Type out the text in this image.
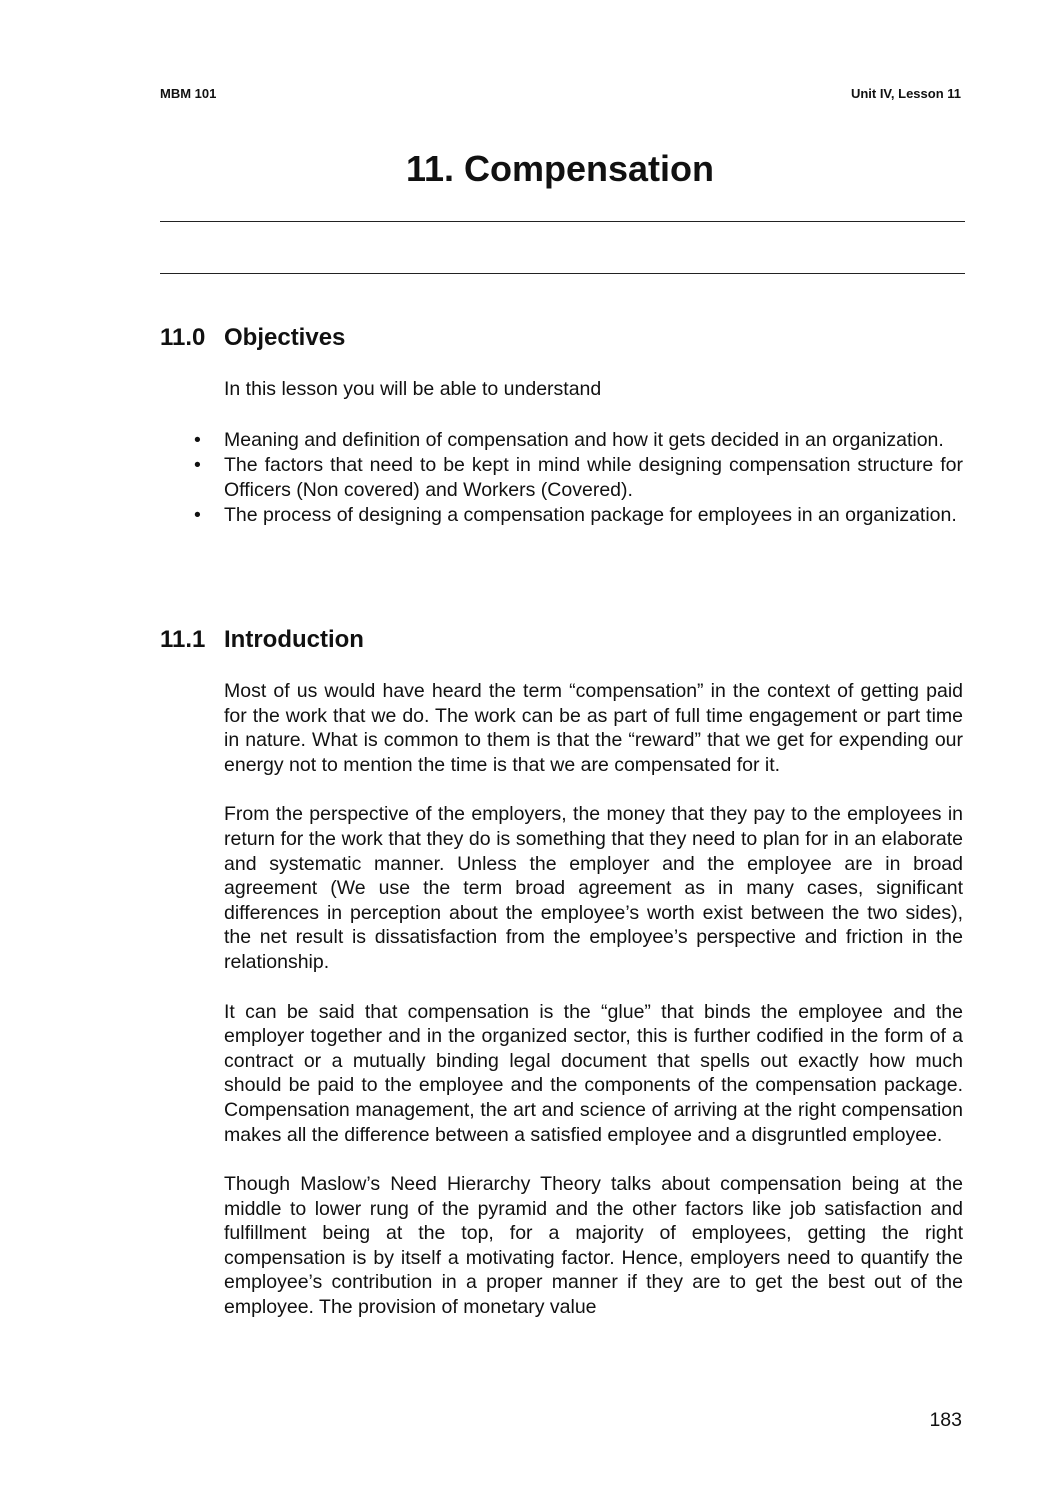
MBM 101	Unit IV, Lesson 11
11. Compensation
11.0 Objectives

In this lesson you will be able to understand

• Meaning and definition of compensation and how it gets decided in an organization.
• The factors that need to be kept in mind while designing compensation structure for Officers (Non covered) and Workers (Covered).
• The process of designing a compensation package for employees in an organization.
11.1 Introduction

Most of us would have heard the term “compensation” in the context of getting paid for the work that we do. The work can be as part of full time engagement or part time in nature. What is common to them is that the “reward” that we get for expending our energy not to mention the time is that we are compensated for it.

From the perspective of the employers, the money that they pay to the employees in return for the work that they do is something that they need to plan for in an elaborate and systematic manner. Unless the employer and the employee are in broad agreement (We use the term broad agreement as in many cases, significant differences in perception about the employee’s worth exist between the two sides), the net result is dissatisfaction from the employee’s perspective and friction in the relationship.

It can be said that compensation is the “glue” that binds the employee and the employer together and in the organized sector, this is further codified in the form of a contract or a mutually binding legal document that spells out exactly how much should be paid to the employee and the components of the compensation package. Compensation management, the art and science of arriving at the right compensation makes all the difference between a satisfied employee and a disgruntled employee.

Though Maslow’s Need Hierarchy Theory talks about compensation being at the middle to lower rung of the pyramid and the other factors like job satisfaction and fulfillment being at the top, for a majority of employees, getting the right compensation is by itself a motivating factor. Hence, employers need to quantify the employee’s contribution in a proper manner if they are to get the best out of the employee. The provision of monetary value

183
